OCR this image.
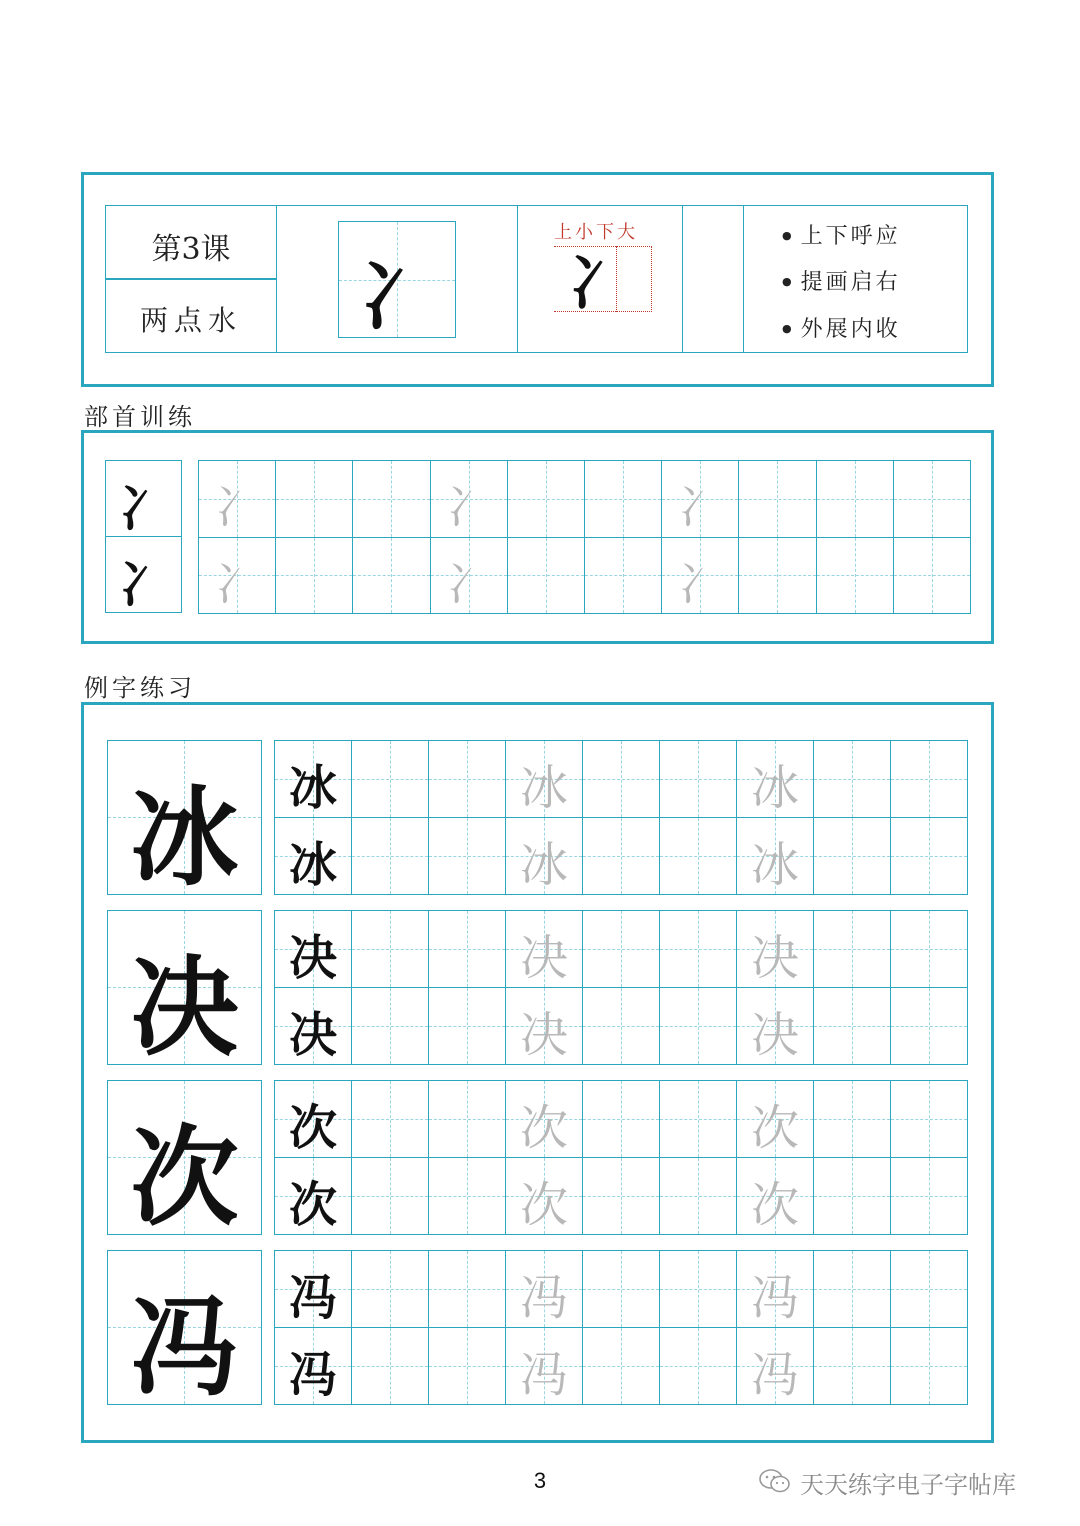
第3课
两点水	冫
上小下大
冫
● 上下呼应
● 提画启右
● 外展内收
部首训练
冫
冫
冫	冫	冫
冫	冫	冫
例字练习
冰	冰	冰	冰
冰	冰	冰
决	决	决	决
决	决	决
次	次	次	次
次	次	次
冯	冯	冯	冯
冯	冯	冯
3	天天练字电子字帖库
